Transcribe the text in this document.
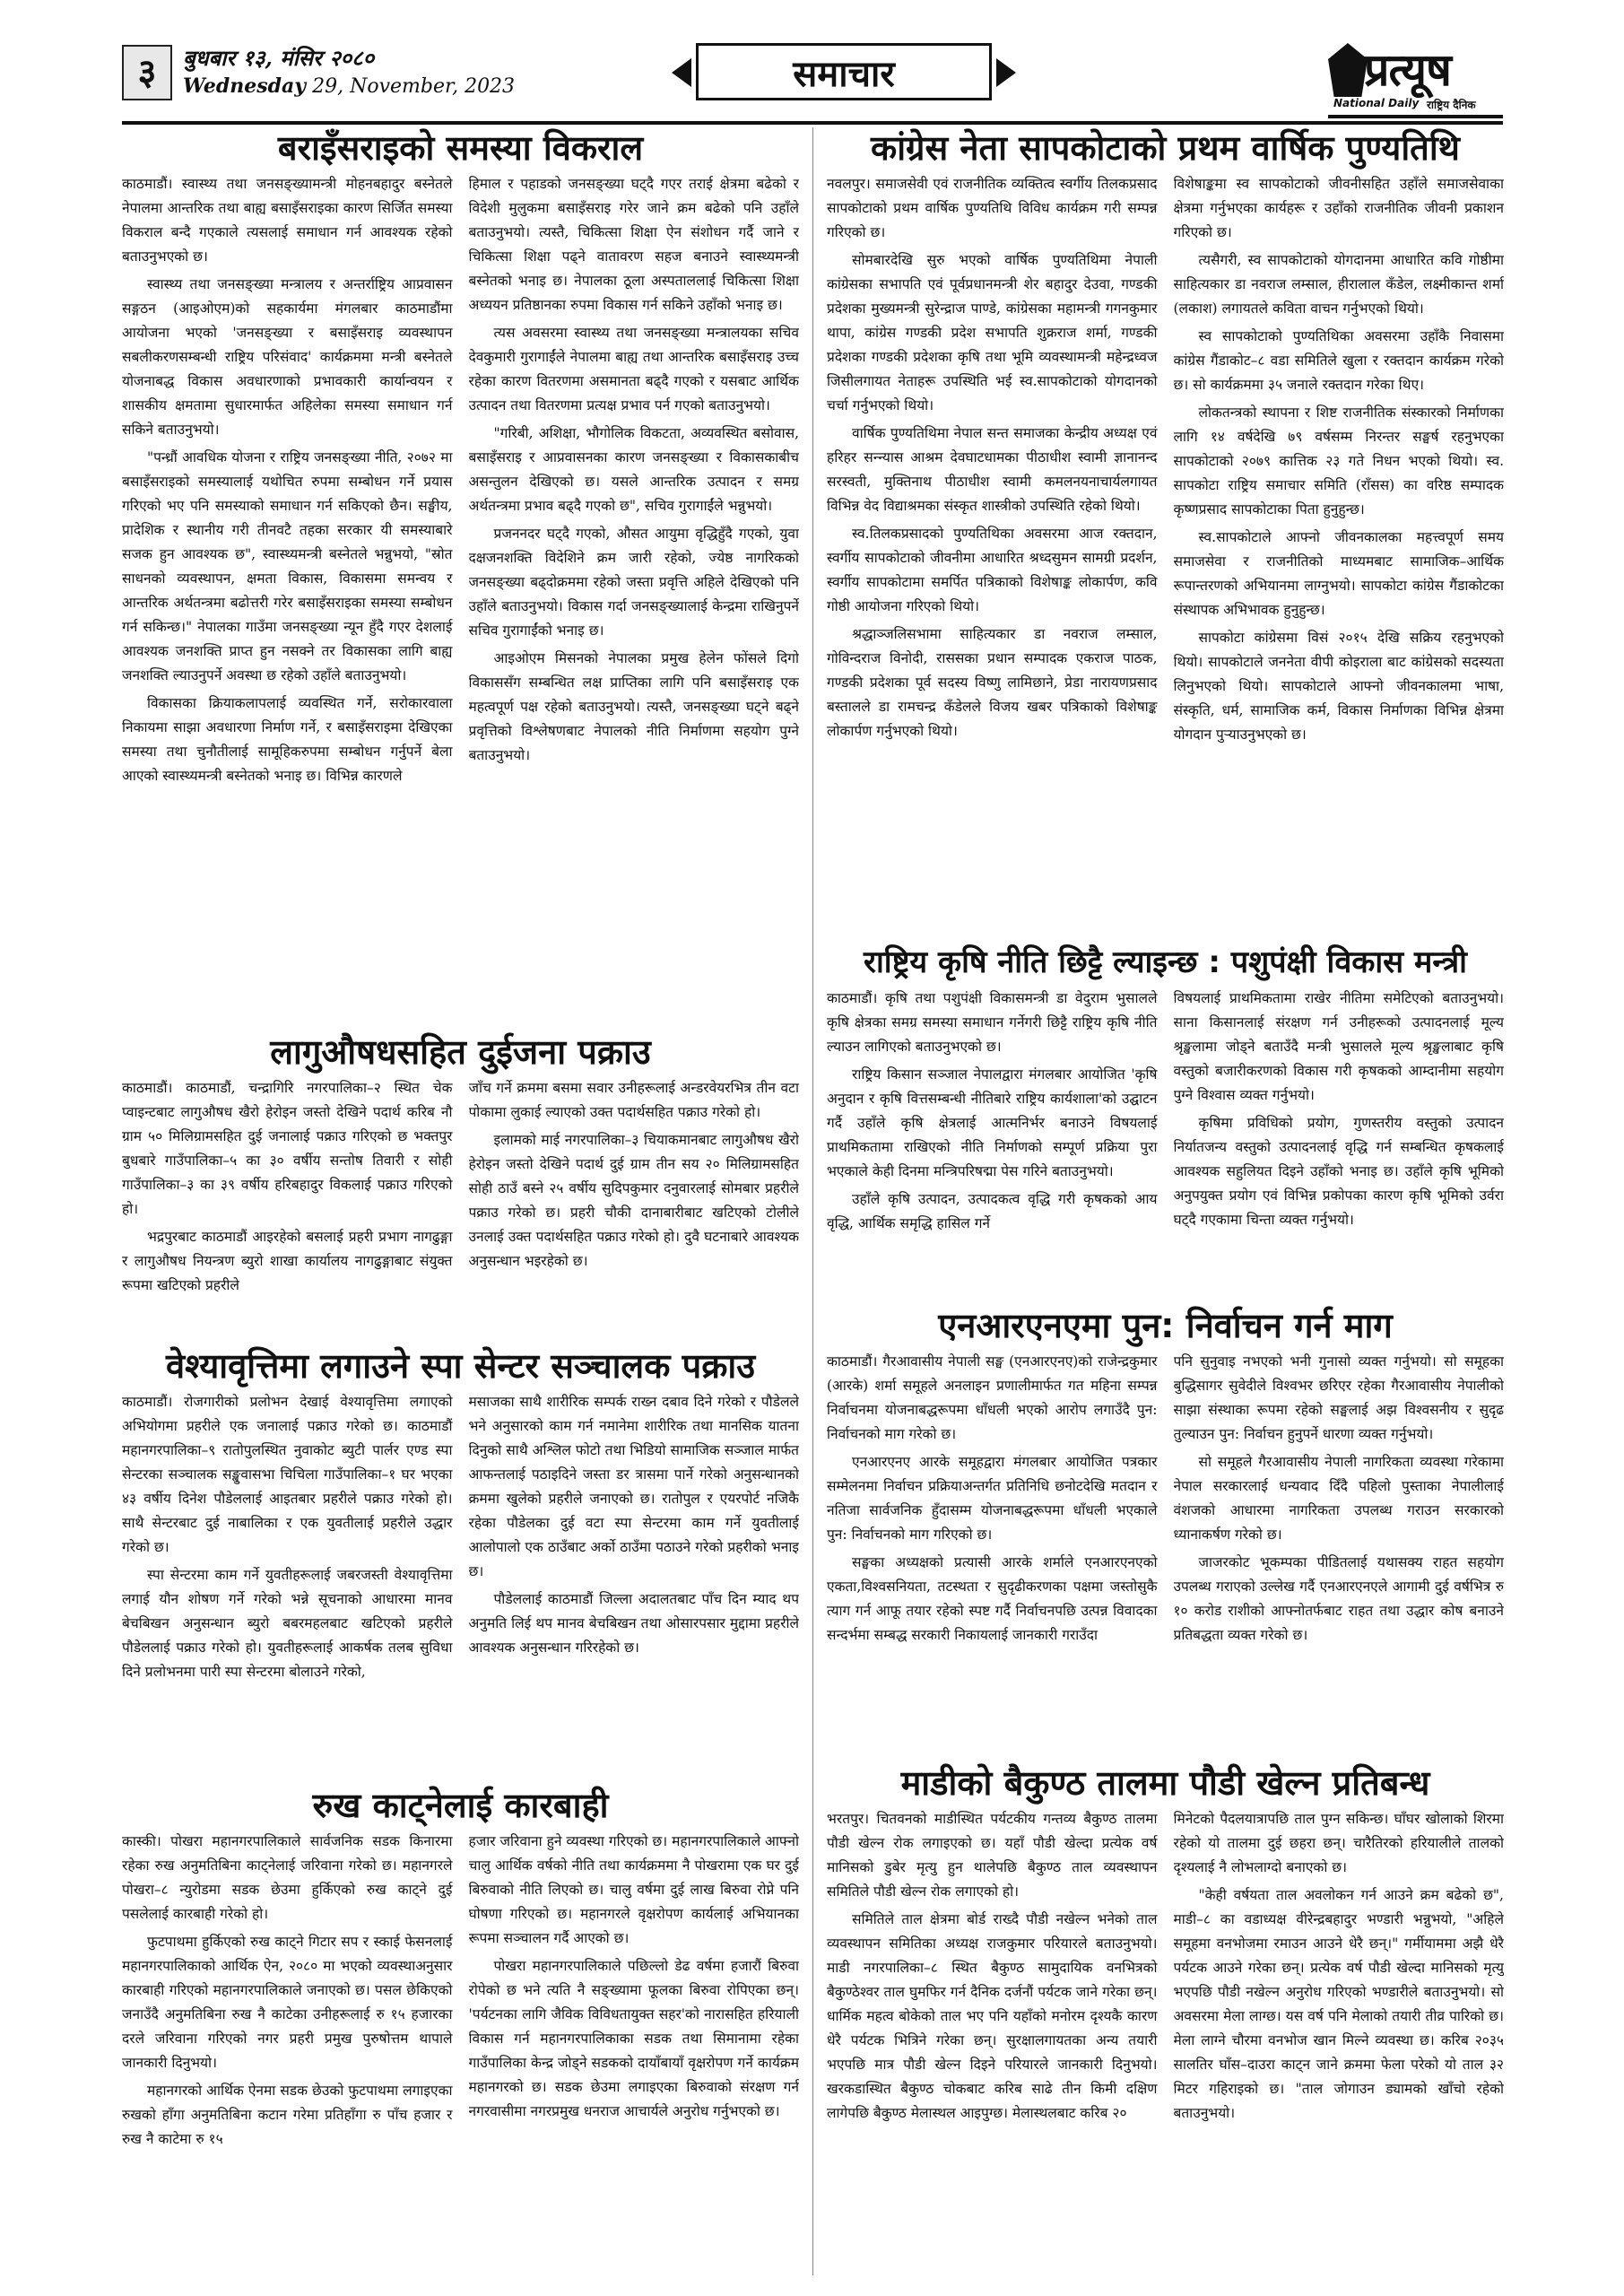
३	बुधबार १३, मंसिर २०८०
Wednesday 29, November, 2023	समाचार	प्रत्यूष
National Daily राष्ट्रिय दैनिक
बराइँसराइको समस्या विकराल

काठमाडौं। स्वास्थ्य तथा जनसङ्ख्यामन्त्री मोहनबहादुर बस्नेतले नेपालमा आन्तरिक तथा बाह्य बसाइँसराइका कारण सिर्जित समस्या विकराल बन्दै गएकाले त्यसलाई समाधान गर्न आवश्यक रहेको बताउनुभएको छ।

स्वास्थ्य तथा जनसङ्ख्या मन्त्रालय र अन्तर्राष्ट्रिय आप्रवासन सङ्गठन (आइओएम)को सहकार्यमा मंगलबार काठमाडौंमा आयोजना भएको 'जनसङ्ख्या र बसाइँसराइ व्यवस्थापन सबलीकरणसम्बन्धी राष्ट्रिय परिसंवाद' कार्यक्रममा मन्त्री बस्नेतले योजनाबद्ध विकास अवधारणाको प्रभावकारी कार्यान्वयन र शासकीय क्षमतामा सुधारमार्फत अहिलेका समस्या समाधान गर्न सकिने बताउनुभयो।

"पन्ध्रौं आवधिक योजना र राष्ट्रिय जनसङ्ख्या नीति, २०७२ मा बसाइँसराइको समस्यालाई यथोचित रुपमा सम्बोधन गर्ने प्रयास गरिएको भए पनि समस्याको समाधान गर्न सकिएको छैन। सङ्घीय, प्रादेशिक र स्थानीय गरी तीनवटै तहका सरकार यी समस्याबारे सजक हुन आवश्यक छ", स्वास्थ्यमन्त्री बस्नेतले भन्नुभयो, "स्रोत साधनको व्यवस्थापन, क्षमता विकास, विकासमा समन्वय र आन्तरिक अर्थतन्त्रमा बढोत्तरी गरेर बसाइँसराइका समस्या सम्बोधन गर्न सकिन्छ।" नेपालका गाउँमा जनसङ्ख्या न्यून हुँदै गएर देशलाई आवश्यक जनशक्ति प्राप्त हुन नसक्ने तर विकासका लागि बाह्य जनशक्ति ल्याउनुपर्ने अवस्था छ रहेको उहाँले बताउनुभयो।

विकासका क्रियाकलापलाई व्यवस्थित गर्ने, सरोकारवाला निकायमा साझा अवधारणा निर्माण गर्ने, र बसाइँसराइमा देखिएका समस्या तथा चुनौतीलाई सामूहिकरुपमा सम्बोधन गर्नुपर्ने बेला आएको स्वास्थ्यमन्त्री बस्नेतको भनाइ छ। विभिन्न कारणले

हिमाल र पहाडको जनसङ्ख्या घट्दै गएर तराई क्षेत्रमा बढेको र विदेशी मुलुकमा बसाइँसराइ गरेर जाने क्रम बढेको पनि उहाँले बताउनुभयो। त्यस्तै, चिकित्सा शिक्षा ऐन संशोधन गर्दै जाने र चिकित्सा शिक्षा पढ्ने वातावरण सहज बनाउने स्वास्थ्यमन्त्री बस्नेतको भनाइ छ। नेपालका ठूला अस्पताललाई चिकित्सा शिक्षा अध्ययन प्रतिष्ठानका रुपमा विकास गर्न सकिने उहाँको भनाइ छ।

त्यस अवसरमा स्वास्थ्य तथा जनसङ्ख्या मन्त्रालयका सचिव देवकुमारी गुरागाईंले नेपालमा बाह्य तथा आन्तरिक बसाइँसराइ उच्च रहेका कारण वितरणमा असमानता बढ्दै गएको र यसबाट आर्थिक उत्पादन तथा वितरणमा प्रत्यक्ष प्रभाव पर्न गएको बताउनुभयो।

"गरिबी, अशिक्षा, भौगोलिक विकटता, अव्यवस्थित बसोवास, बसाइँसराइ र आप्रवासनका कारण जनसङ्ख्या र विकासकाबीच असन्तुलन देखिएको छ। यसले आन्तरिक उत्पादन र समग्र अर्थतन्त्रमा प्रभाव बढ्दै गएको छ", सचिव गुरागाईंले भन्नुभयो।

प्रजननदर घट्दै गएको, औसत आयुमा वृद्धिहुँदै गएको, युवा दक्षजनशक्ति विदेशिने क्रम जारी रहेको, ज्येष्ठ नागरिकको जनसङ्ख्या बढ्दोक्रममा रहेको जस्ता प्रवृत्ति अहिले देखिएको पनि उहाँले बताउनुभयो। विकास गर्दा जनसङ्ख्यालाई केन्द्रमा राखिनुपर्ने सचिव गुरागाईंको भनाइ छ।

आइओएम मिसनको नेपालका प्रमुख हेलेन फोंसले दिगो विकाससँग सम्बन्धित लक्ष प्राप्तिका लागि पनि बसाइँसराइ एक महत्वपूर्ण पक्ष रहेको बताउनुभयो। त्यस्तै, जनसङ्ख्या घट्ने बढ्ने प्रवृत्तिको विश्लेषणबाट नेपालको नीति निर्माणमा सहयोग पुग्ने बताउनुभयो।

लागुऔषधसहित दुईजना पक्राउ

काठमाडौं। काठमाडौं, चन्द्रागिरि नगरपालिका–२ स्थित चेक प्वाइन्टबाट लागुऔषध खैरो हेरोइन जस्तो देखिने पदार्थ करिब नौ ग्राम ५० मिलिग्रामसहित दुई जनालाई पक्राउ गरिएको छ भक्तपुर बुधबारे गाउँपालिका–५ का ३० वर्षीय सन्तोष तिवारी र सोही गाउँपालिका–३ का ३९ वर्षीय हरिबहादुर विकलाई पक्राउ गरिएको हो।

भद्रपुरबाट काठमाडौं आइरहेको बसलाई प्रहरी प्रभाग नागढुङ्गा र लागुऔषध नियन्त्रण ब्युरो शाखा कार्यालय नागढुङ्गाबाट संयुक्त रूपमा खटिएको प्रहरीले

जाँच गर्ने क्रममा बसमा सवार उनीहरूलाई अन्डरवेयरभित्र तीन वटा पोकामा लुकाई ल्याएको उक्त पदार्थसहित पक्राउ गरेको हो।

इलामको माई नगरपालिका–३ चियाकमानबाट लागुऔषध खैरो हेरोइन जस्तो देखिने पदार्थ दुई ग्राम तीन सय २० मिलिग्रामसहित सोही ठाउँ बस्ने २५ वर्षीय सुदिपकुमार दनुवारलाई सोमबार प्रहरीले पक्राउ गरेको छ। प्रहरी चौकी दानाबारीबाट खटिएको टोलीले उनलाई उक्त पदार्थसहित पक्राउ गरेको हो। दुवै घटनाबारे आवश्यक अनुसन्धान भइरहेको छ।

वेश्यावृत्तिमा लगाउने स्पा सेन्टर सञ्चालक पक्राउ

काठमाडौं। रोजगारीको प्रलोभन देखाई वेश्यावृत्तिमा लगाएको अभियोगमा प्रहरीले एक जनालाई पक्राउ गरेको छ। काठमाडौं महानगरपालिका–९ रातोपुलस्थित नुवाकोट ब्युटी पार्लर एण्ड स्पा सेन्टरका सञ्चालक सङ्खुवासभा चिचिला गाउँपालिका–१ घर भएका ४३ वर्षीय दिनेश पौडेललाई आइतबार प्रहरीले पक्राउ गरेको हो। साथै सेन्टरबाट दुई नाबालिका र एक युवतीलाई प्रहरीले उद्धार गरेको छ।

स्पा सेन्टरमा काम गर्ने युवतीहरूलाई जबरजस्ती वेश्यावृत्तिमा लगाई यौन शोषण गर्ने गरेको भन्ने सूचनाको आधारमा मानव बेचबिखन अनुसन्धान ब्युरो बबरमहलबाट खटिएको प्रहरीले पौडेललाई पक्राउ गरेको हो। युवतीहरूलाई आकर्षक तलब सुविधा दिने प्रलोभनमा पारी स्पा सेन्टरमा बोलाउने गरेको,

मसाजका साथै शारीरिक सम्पर्क राख्न दबाव दिने गरेको र पौडेलले भने अनुसारको काम गर्न नमानेमा शारीरिक तथा मानसिक यातना दिनुको साथै अश्लिल फोटो तथा भिडियो सामाजिक सञ्जाल मार्फत आफन्तलाई पठाइदिने जस्ता डर त्रासमा पार्ने गरेको अनुसन्धानको क्रममा खुलेको प्रहरीले जनाएको छ। रातोपुल र एयरपोर्ट नजिकै रहेका पौडेलका दुई वटा स्पा सेन्टरमा काम गर्ने युवतीलाई आलोपालो एक ठाउँबाट अर्को ठाउँमा पठाउने गरेको प्रहरीको भनाइ छ।

पौडेललाई काठमाडौं जिल्ला अदालतबाट पाँच दिन म्याद थप अनुमति लिई थप मानव बेचबिखन तथा ओसारपसार मुद्दामा प्रहरीले आवश्यक अनुसन्धान गरिरहेको छ।

रुख काट्नेलाई कारबाही

कास्की। पोखरा महानगरपालिकाले सार्वजनिक सडक किनारमा रहेका रुख अनुमतिबिना काट्नेलाई जरिवाना गरेको छ। महानगरले पोखरा–८ न्युरोडमा सडक छेउमा हुर्किएको रुख काट्ने दुई पसलेलाई कारबाही गरेको हो।

फुटपाथमा हुर्किएको रुख काट्ने गिटार सप र स्काई फेसनलाई महानगरपालिकाको आर्थिक ऐन, २०८० मा भएको व्यवस्थाअनुसार कारबाही गरिएको महानगरपालिकाले जनाएको छ। पसल छेकिएको जनाउँदै अनुमतिबिना रुख नै काटेका उनीहरूलाई रु १५ हजारका दरले जरिवाना गरिएको नगर प्रहरी प्रमुख पुरुषोत्तम थापाले जानकारी दिनुभयो।

महानगरको आर्थिक ऐनमा सडक छेउको फुटपाथमा लगाइएका रुखको हाँगा अनुमतिबिना कटान गरेमा प्रतिहाँगा रु पाँच हजार र रुख नै काटेमा रु १५

हजार जरिवाना हुने व्यवस्था गरिएको छ। महानगरपालिकाले आफ्नो चालु आर्थिक वर्षको नीति तथा कार्यक्रममा नै पोखरामा एक घर दुई बिरुवाको नीति लिएको छ। चालु वर्षमा दुई लाख बिरुवा रोप्ने पनि घोषणा गरिएको छ। महानगरले वृक्षरोपण कार्यलाई अभियानका रूपमा सञ्चालन गर्दै आएको छ।

पोखरा महानगरपालिकाले पछिल्लो डेढ वर्षमा हजारौं बिरुवा रोपेको छ भने त्यति नै सङ्ख्यामा फूलका बिरुवा रोपिएका छन्। 'पर्यटनका लागि जैविक विविधतायुक्त सहर'को नारासहित हरियाली विकास गर्न महानगरपालिकाका सडक तथा सिमानामा रहेका गाउँपालिका केन्द्र जोड्ने सडकको दायाँबायाँ वृक्षरोपण गर्ने कार्यक्रम महानगरको छ। सडक छेउमा लगाइएका बिरुवाको संरक्षण गर्न नगरवासीमा नगरप्रमुख धनराज आचार्यले अनुरोध गर्नुभएको छ।

कांग्रेस नेता सापकोटाको प्रथम वार्षिक पुण्यतिथि

नवलपुर। समाजसेवी एवं राजनीतिक व्यक्तित्व स्वर्गीय तिलकप्रसाद सापकोटाको प्रथम वार्षिक पुण्यतिथि विविध कार्यक्रम गरी सम्पन्न गरिएको छ।

सोमबारदेखि सुरु भएको वार्षिक पुण्यतिथिमा नेपाली कांग्रेसका सभापति एवं पूर्वप्रधानमन्त्री शेर बहादुर देउवा, गण्डकी प्रदेशका मुख्यमन्त्री सुरेन्द्राज पाण्डे, कांग्रेसका महामन्त्री गगनकुमार थापा, कांग्रेस गण्डकी प्रदेश सभापति शुक्रराज शर्मा, गण्डकी प्रदेशका गण्डकी प्रदेशका कृषि तथा भूमि व्यवस्थामन्त्री महेन्द्रध्वज जिसीलगायत नेताहरू उपस्थिति भई स्व.सापकोटाको योगदानको चर्चा गर्नुभएको थियो।

वार्षिक पुण्यतिथिमा नेपाल सन्त समाजका केन्द्रीय अध्यक्ष एवं हरिहर सन्न्यास आश्रम देवघाटधामका पीठाधीश स्वामी ज्ञानानन्द सरस्वती, मुक्तिनाथ पीठाधीश स्वामी कमलनयनाचार्यलगायत विभिन्न वेद विद्याश्रमका संस्कृत शास्त्रीको उपस्थिति रहेको थियो।

स्व.तिलकप्रसादको पुण्यतिथिका अवसरमा आज रक्तदान, स्वर्गीय सापकोटाको जीवनीमा आधारित श्रध्दसुमन सामग्री प्रदर्शन, स्वर्गीय सापकोटामा समर्पित पत्रिकाको विशेषाङ्क लोकार्पण, कवि गोष्ठी आयोजना गरिएको थियो।

श्रद्धाञ्जलिसभामा साहित्यकार डा नवराज लम्साल, गोविन्दराज विनोदी, राससका प्रधान सम्पादक एकराज पाठक, गण्डकी प्रदेशका पूर्व सदस्य विष्णु लामिछाने, प्रेडा नारायणप्रसाद बस्तालले डा रामचन्द्र कँडेलले विजय खबर पत्रिकाको विशेषाङ्क लोकार्पण गर्नुभएको थियो।

विशेषाङ्कमा स्व सापकोटाको जीवनीसहित उहाँले समाजसेवाका क्षेत्रमा गर्नुभएका कार्यहरू र उहाँको राजनीतिक जीवनी प्रकाशन गरिएको छ।

त्यसैगरी, स्व सापकोटाको योगदानमा आधारित कवि गोष्ठीमा साहित्यकार डा नवराज लम्साल, हीरालाल कँडेल, लक्ष्मीकान्त शर्मा (लकाश) लगायतले कविता वाचन गर्नुभएको थियो।

स्व सापकोटाको पुण्यतिथिका अवसरमा उहाँकै निवासमा कांग्रेस गैंडाकोट–८ वडा समितिले खुला र रक्तदान कार्यक्रम गरेको छ। सो कार्यक्रममा ३५ जनाले रक्तदान गरेका थिए।

लोकतन्त्रको स्थापना र शिष्ट राजनीतिक संस्कारको निर्माणका लागि १४ वर्षदेखि ७९ वर्षसम्म निरन्तर सङ्घर्ष रहनुभएका सापकोटाको २०७९ कात्तिक २३ गते निधन भएको थियो। स्व. सापकोटा राष्ट्रिय समाचार समिति (राँसस) का वरिष्ठ सम्पादक कृष्णप्रसाद सापकोटाका पिता हुनुहुन्छ।

स्व.सापकोटाले आफ्नो जीवनकालका महत्त्वपूर्ण समय समाजसेवा र राजनीतिको माध्यमबाट सामाजिक–आर्थिक रूपान्तरणको अभियानमा लाग्नुभयो। सापकोटा कांग्रेस गैंडाकोटका संस्थापक अभिभावक हुनुहुन्छ।

सापकोटा कांग्रेसमा विसं २०१५ देखि सक्रिय रहनुभएको थियो। सापकोटाले जननेता वीपी कोइराला बाट कांग्रेसको सदस्यता लिनुभएको थियो। सापकोटाले आफ्नो जीवनकालमा भाषा, संस्कृति, धर्म, सामाजिक कर्म, विकास निर्माणका विभिन्न क्षेत्रमा योगदान पुर्‍याउनुभएको छ।

राष्ट्रिय कृषि नीति छिट्टै ल्याइन्छ : पशुपंक्षी विकास मन्त्री

काठमाडौं। कृषि तथा पशुपंक्षी विकासमन्त्री डा वेदुराम भुसालले कृषि क्षेत्रका समग्र समस्या समाधान गर्नेगरी छिट्टै राष्ट्रिय कृषि नीति ल्याउन लागिएको बताउनुभएको छ।

राष्ट्रिय किसान सञ्जाल नेपालद्वारा मंगलबार आयोजित 'कृषि अनुदान र कृषि वित्तसम्बन्धी नीतिबारे राष्ट्रिय कार्यशाला'को उद्घाटन गर्दै उहाँले कृषि क्षेत्रलाई आत्मनिर्भर बनाउने विषयलाई प्राथमिकतामा राखिएको नीति निर्माणको सम्पूर्ण प्रक्रिया पुरा भएकाले केही दिनमा मन्त्रिपरिषद्मा पेस गरिने बताउनुभयो।

उहाँले कृषि उत्पादन, उत्पादकत्व वृद्धि गरी कृषकको आय वृद्धि, आर्थिक समृद्धि हासिल गर्ने

विषयलाई प्राथमिकतामा राखेर नीतिमा समेटिएको बताउनुभयो। साना किसानलाई संरक्षण गर्न उनीहरूको उत्पादनलाई मूल्य श्रृङ्खलामा जोड्ने बताउँदै मन्त्री भुसालले मूल्य श्रृङ्खलाबाट कृषि वस्तुको बजारीकरणको विकास गरी कृषकको आम्दानीमा सहयोग पुग्ने विश्वास व्यक्त गर्नुभयो।

कृषिमा प्रविधिको प्रयोग, गुणस्तरीय वस्तुको उत्पादन निर्यातजन्य वस्तुको उत्पादनलाई वृद्धि गर्न सम्बन्धित कृषकलाई आवश्यक सहुलियत दिइने उहाँको भनाइ छ। उहाँले कृषि भूमिको अनुपयुक्त प्रयोग एवं विभिन्न प्रकोपका कारण कृषि भूमिको उर्वरा घट्दै गएकामा चिन्ता व्यक्त गर्नुभयो।

एनआरएनएमा पुन: निर्वाचन गर्न माग

काठमाडौं। गैरआवासीय नेपाली सङ्घ (एनआरएनए)को राजेन्द्रकुमार (आरके) शर्मा समूहले अनलाइन प्रणालीमार्फत गत महिना सम्पन्न निर्वाचनमा योजनाबद्धरूपमा धाँधली भएको आरोप लगाउँदै पुन: निर्वाचनको माग गरेको छ।

एनआरएनए आरके समूहद्वारा मंगलबार आयोजित पत्रकार सम्मेलनमा निर्वाचन प्रक्रियाअन्तर्गत प्रतिनिधि छनोटदेखि मतदान र नतिजा सार्वजनिक हुँदासम्म योजनाबद्धरूपमा धाँधली भएकाले पुन: निर्वाचनको माग गरिएको छ।

सङ्घका अध्यक्षको प्रत्यासी आरके शर्माले एनआरएनएको एकता,विश्वसनियता, तटस्थता र सुदृढीकरणका पक्षमा जस्तोसुकै त्याग गर्न आफू तयार रहेको स्पष्ट गर्दै निर्वाचनपछि उत्पन्न विवादका सन्दर्भमा सम्बद्ध सरकारी निकायलाई जानकारी गराउँदा

पनि सुनुवाइ नभएको भनी गुनासो व्यक्त गर्नुभयो। सो समूहका बुद्धिसागर सुवेदीले विश्वभर छरिएर रहेका गैरआवासीय नेपालीको साझा संस्थाका रूपमा रहेको सङ्घलाई अझ विश्वसनीय र सुदृढ तुल्याउन पुन: निर्वाचन हुनुपर्ने धारणा व्यक्त गर्नुभयो।

सो समूहले गैरआवासीय नेपाली नागरिकता व्यवस्था गरेकामा नेपाल सरकारलाई धन्यवाद दिँदै पहिलो पुस्ताका नेपालीलाई वंशजको आधारमा नागरिकता उपलब्ध गराउन सरकारको ध्यानाकर्षण गरेको छ।

जाजरकोट भूकम्पका पीडितलाई यथासक्य राहत सहयोग उपलब्ध गराएको उल्लेख गर्दै एनआरएनएले आगामी दुई वर्षभित्र रु १० करोड राशीको आफ्नोतर्फबाट राहत तथा उद्धार कोष बनाउने प्रतिबद्धता व्यक्त गरेको छ।

माडीको बैकुण्ठ तालमा पौडी खेल्न प्रतिबन्ध

भरतपुर। चितवनको माडीस्थित पर्यटकीय गन्तव्य बैकुण्ठ तालमा पौडी खेल्न रोक लगाइएको छ। यहाँ पौडी खेल्दा प्रत्येक वर्ष मानिसको डुबेर मृत्यु हुन थालेपछि बैकुण्ठ ताल व्यवस्थापन समितिले पौडी खेल्न रोक लगाएको हो।

समितिले ताल क्षेत्रमा बोर्ड राख्दै पौडी नखेल्न भनेको ताल व्यवस्थापन समितिका अध्यक्ष राजकुमार परियारले बताउनुभयो। माडी नगरपालिका–८ स्थित बैकुण्ठ सामुदायिक वनभित्रको बैकुण्ठेश्वर ताल घुमफिर गर्न दैनिक दर्जनौं पर्यटक जाने गरेका छन्। धार्मिक महत्व बोकेको ताल भए पनि यहाँको मनोरम दृश्यकै कारण धेरै पर्यटक भित्रिने गरेका छन्। सुरक्षालगायतका अन्य तयारी भएपछि मात्र पौडी खेल्न दिइने परियारले जानकारी दिनुभयो। खरकडास्थित बैकुण्ठ चोकबाट करिब साढे तीन किमी दक्षिण लागेपछि बैकुण्ठ मेलास्थल आइपुग्छ। मेलास्थलबाट करिब २०

मिनेटको पैदलयात्रापछि ताल पुग्न सकिन्छ। घाँघर खोलाको शिरमा रहेको यो तालमा दुई छहरा छन्। चारैतिरको हरियालीले तालको दृश्यलाई नै लोभलाग्दो बनाएको छ।

"केही वर्षयता ताल अवलोकन गर्न आउने क्रम बढेको छ", माडी–८ का वडाध्यक्ष वीरेन्द्रबहादुर भण्डारी भन्नुभयो, "अहिले समूहमा वनभोजमा रमाउन आउने धेरै छन्।" गर्मीयाममा अझै धेरै पर्यटक आउने गरेका छन्। प्रत्येक वर्ष पौडी खेल्दा मानिसको मृत्यु भएपछि पौडी नखेल्न अनुरोध गरिएको भण्डारीले बताउनुभयो। सो अवसरमा मेला लाग्छ। यस वर्ष पनि मेलाको तयारी तीव्र पारिको छ। मेला लाग्ने चौरमा वनभोज खान मिल्ने व्यवस्था छ। करिब २०३५ सालतिर घाँस–दाउरा काट्न जाने क्रममा फेला परेको यो ताल ३२ मिटर गहिराइको छ। "ताल जोगाउन ड्यामको खाँचो रहेको बताउनुभयो।
